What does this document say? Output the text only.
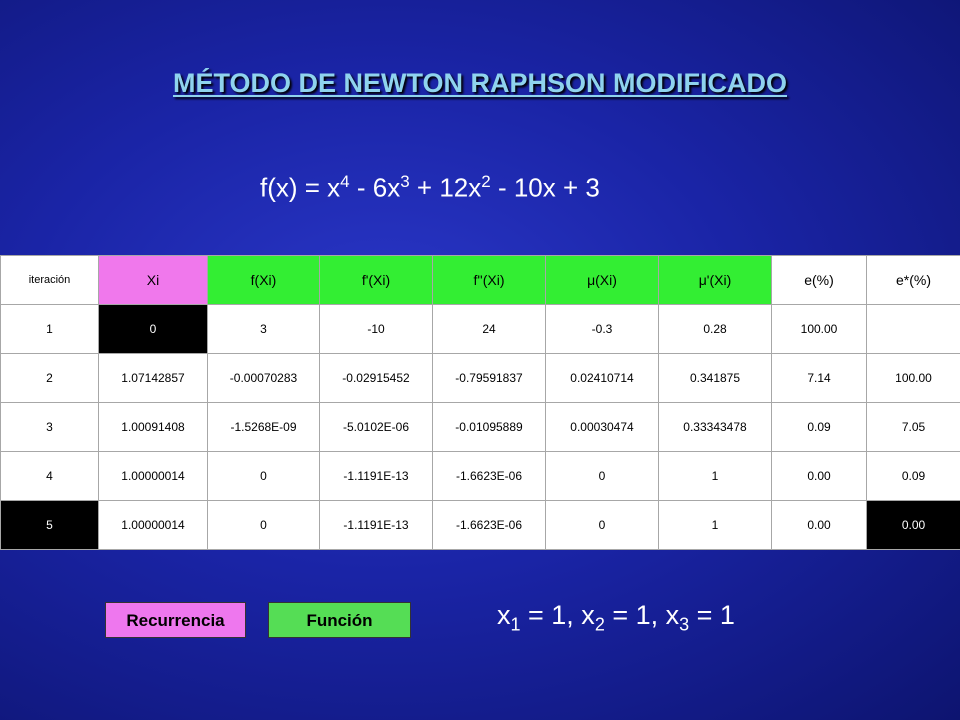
MÉTODO DE NEWTON RAPHSON MODIFICADO
$f(x) = x^4 - 6x^3 + 12x^2 - 10x + 3$
iteración	Xi	f(Xi)	f'(Xi)	f''(Xi)	μ(Xi)	μ'(Xi)	e(%)	e*(%)
1	0	3	-10	24	-0.3	0.28	100.00	
2	1.07142857	-0.00070283	-0.02915452	-0.79591837	0.02410714	0.341875	7.14	100.00
3	1.00091408	-1.5268E-09	-5.0102E-06	-0.01095889	0.00030474	0.33343478	0.09	7.05
4	1.00000014	0	-1.1191E-13	-1.6623E-06	0	1	0.00	0.09
5	1.00000014	0	-1.1191E-13	-1.6623E-06	0	1	0.00	0.00
Recurrencia	Función	$x_1 = 1$, $x_2 = 1$, $x_3 = 1$
